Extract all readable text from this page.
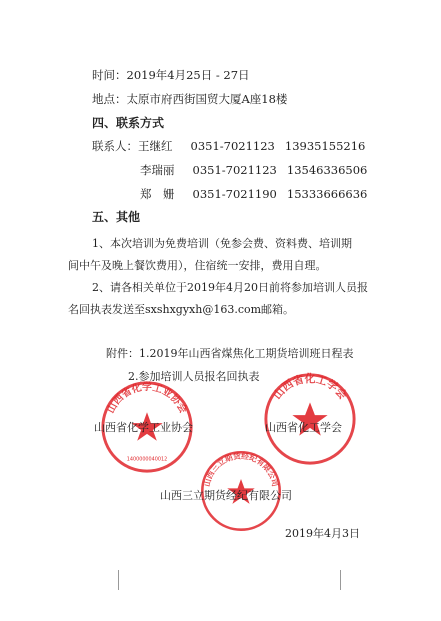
时间：2019年4月25日 - 27日
地点：太原市府西街国贸大厦A座18楼
四、联系方式
联系人：王继红 0351-7021123 13935155216
李瑞丽 0351-7021123 13546336506
郑　姗 0351-7021190 15333666636
五、其他
1、本次培训为免费培训（免参会费、资料费、培训期
间中午及晚上餐饮费用），住宿统一安排，费用自理。
2、请各相关单位于2019年4月20日前将参加培训人员报
名回执表发送至sxshxgyxh@163.com邮箱。
附件：1.2019年山西省煤焦化工期货培训班日程表
2.参加培训人员报名回执表
山西省化学工业协会
1400000040012
山西省化工学会
山西三立期货经纪有限公司
山西省化学工业协会	山西省化工学会
山西三立期货经纪有限公司
2019年4月3日
